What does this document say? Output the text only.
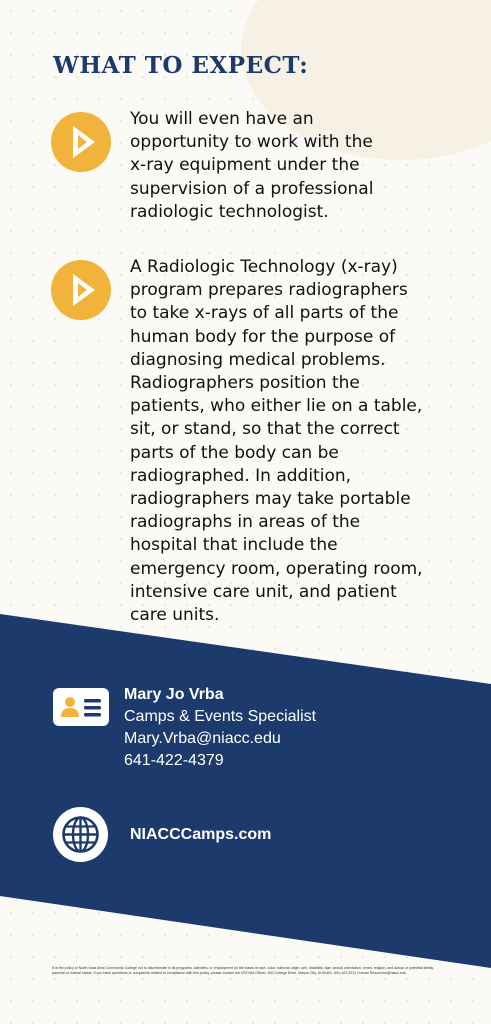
WHAT TO EXPECT:

You will even have an
opportunity to work with the
x-ray equipment under the
supervision of a professional
radiologic technologist.

A Radiologic Technology (x-ray)
program prepares radiographers
to take x-rays of all parts of the
human body for the purpose of
diagnosing medical problems.
Radiographers position the
patients, who either lie on a table,
sit, or stand, so that the correct
parts of the body can be
radiographed. In addition,
radiographers may take portable
radiographs in areas of the
hospital that include the
emergency room, operating room,
intensive care unit, and patient
care units.

Mary Jo Vrba
Camps & Events Specialist
Mary.Vrba@niacc.edu
641-422-4379
NIACCCamps.com

It is the policy of North Iowa Area Community College not to discriminate in its programs, activities, or employment on the basis of race, color, national origin, sex, disability, age, sexual orientation, creed, religion, and actual or potential family, parental or marital status. If you have questions or complaints related to compliance with this policy, please contact the EEO/AA Officer, 500 College Drive, Mason City, IA 50401, 641-422-4211 Human Resources@niacc.edu.
